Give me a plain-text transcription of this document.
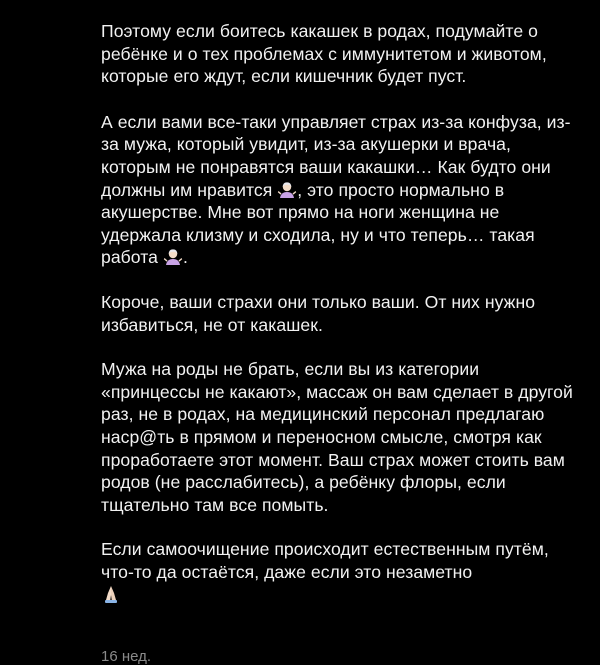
Поэтому если боитесь какашек в родах, подумайте о ребёнке и о тех проблемах с иммунитетом и животом, которые его ждут, если кишечник будет пуст.

А если вами все-таки управляет страх из-за конфуза, из-за мужа, который увидит, из-за акушерки и врача, которым не понравятся ваши какашки… Как будто они должны им нравится , это просто нормально в акушерстве. Мне вот прямо на ноги женщина не удержала клизму и сходила, ну и что теперь… такая работа .

Короче, ваши страхи они только ваши. От них нужно избавиться, не от какашек.

Мужа на роды не брать, если вы из категории «принцессы не какают», массаж он вам сделает в другой раз, не в родах, на медицинский персонал предлагаю нacр@ть в прямом и переносном смысле, смотря как проработаете этот момент. Ваш страх может стоить вам родов (не расслабитесь), а ребёнку флоры, если тщательно там все помыть.

Если самоочищение происходит естественным путём, что-то да остаётся, даже если это незаметно

16 нед.
